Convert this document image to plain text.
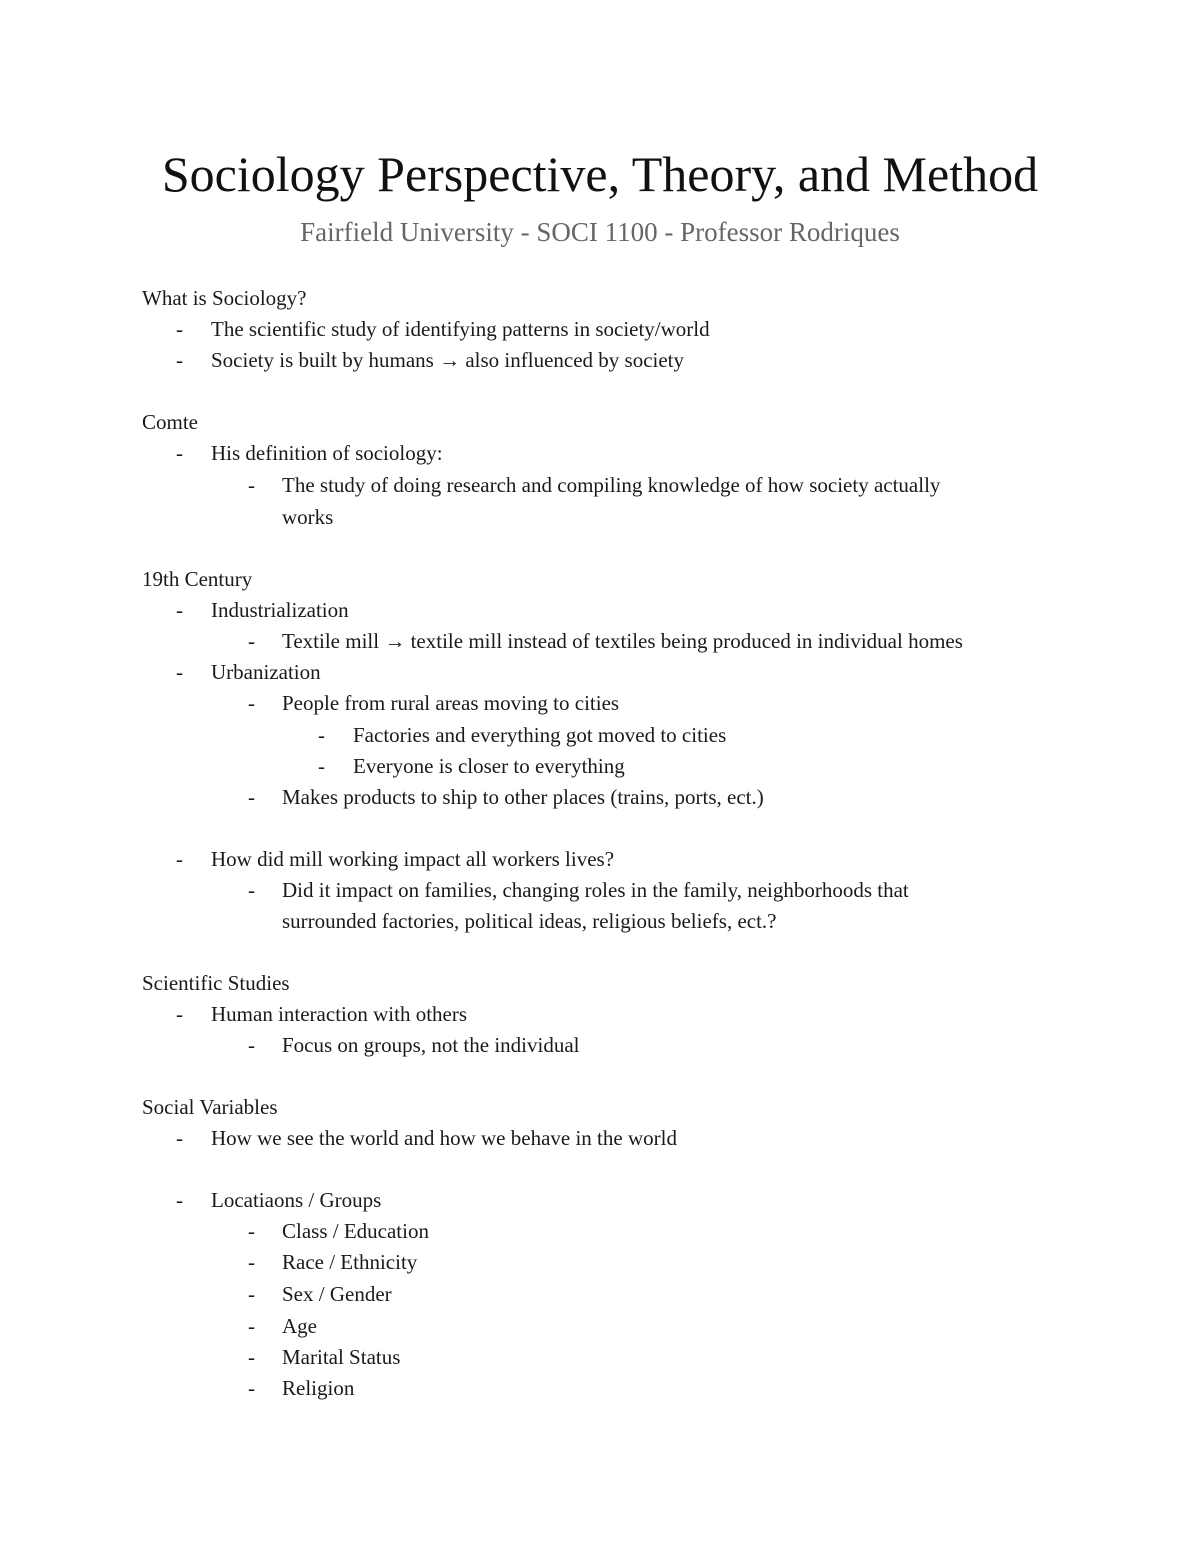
Sociology Perspective, Theory, and Method
Fairfield University - SOCI 1100 - Professor Rodriques
What is Sociology?
- The scientific study of identifying patterns in society/world
- Society is built by humans → also influenced by society
Comte
- His definition of sociology:
- The study of doing research and compiling knowledge of how society actually
works
19th Century
- Industrialization
- Textile mill → textile mill instead of textiles being produced in individual homes
- Urbanization
- People from rural areas moving to cities
- Factories and everything got moved to cities
- Everyone is closer to everything
- Makes products to ship to other places (trains, ports, ect.)
- How did mill working impact all workers lives?
- Did it impact on families, changing roles in the family, neighborhoods that
surrounded factories, political ideas, religious beliefs, ect.?
Scientific Studies
- Human interaction with others
- Focus on groups, not the individual
Social Variables
- How we see the world and how we behave in the world
- Locatiaons / Groups
- Class / Education
- Race / Ethnicity
- Sex / Gender
- Age
- Marital Status
- Religion
